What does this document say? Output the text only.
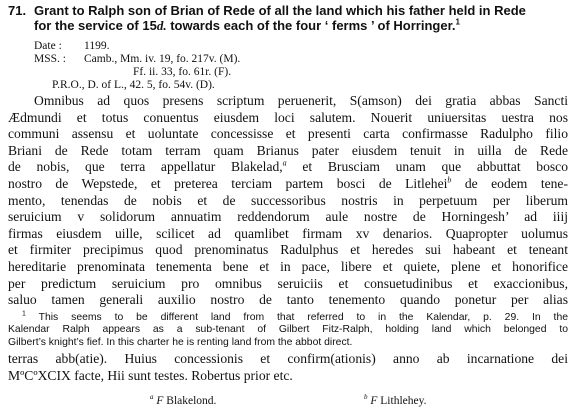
71. Grant to Ralph son of Brian of Rede of all the land which his father held in Rede
for the service of 15d. towards each of the four ‘ ferms ’ of Horringer.$^1$
Date : 1199.
MSS. : Camb., Mm. iv. 19, fo. 217v. (M).
Ff. ii. 33, fo. 61r. (F).
P.R.O., D. of L., 42. 5, fo. 54v. (D).
Omnibus ad quos presens scriptum peruenerit, S(amson) dei gratia abbas Sancti
Ædmundi et totus conuentus eiusdem loci salutem. Nouerit uniuersitas uestra nos
communi assensu et uoluntate concessisse et presenti carta confirmasse Radulpho filio
Briani de Rede totam terram quam Brianus pater eiusdem tenuit in uilla de Rede
de nobis, que terra appellatur Blakelad,$^a$ et Brusciam unam que abbuttat bosco
nostro de Wepstede, et preterea terciam partem bosci de Litlehei$^b$ de eodem tene-
mento, tenendas de nobis et de successoribus nostris in perpetuum per liberum
seruicium v solidorum annuatim reddendorum aule nostre de Horningesh’ ad iiij
firmas eiusdem uille, scilicet ad quamlibet firmam xv denarios. Quapropter uolumus
et firmiter precipimus quod prenominatus Radulphus et heredes sui habeant et teneant
hereditarie prenominata tenementa bene et in pace, libere et quiete, plene et honorifice
per predictum seruicium pro omnibus seruiciis et consuetudinibus et exaccionibus,
saluo tamen generali auxilio nostro de tanto tenemento quando ponetur per alias
$^1$ This seems to be different land from that referred to in the Kalendar, p. 29. In the
Kalendar Ralph appears as a sub-tenant of Gilbert Fitz-Ralph, holding land which belonged to
Gilbert’s knight’s fief. In this charter he is renting land from the abbot direct.
terras abb(atie). Huius concessionis et confirm(ationis) anno ab incarnatione dei
MºCºXCIX facte, Hii sunt testes. Robertus prior etc.
$^a$ F Blakelond.	$^b$ F Lithlehey.
